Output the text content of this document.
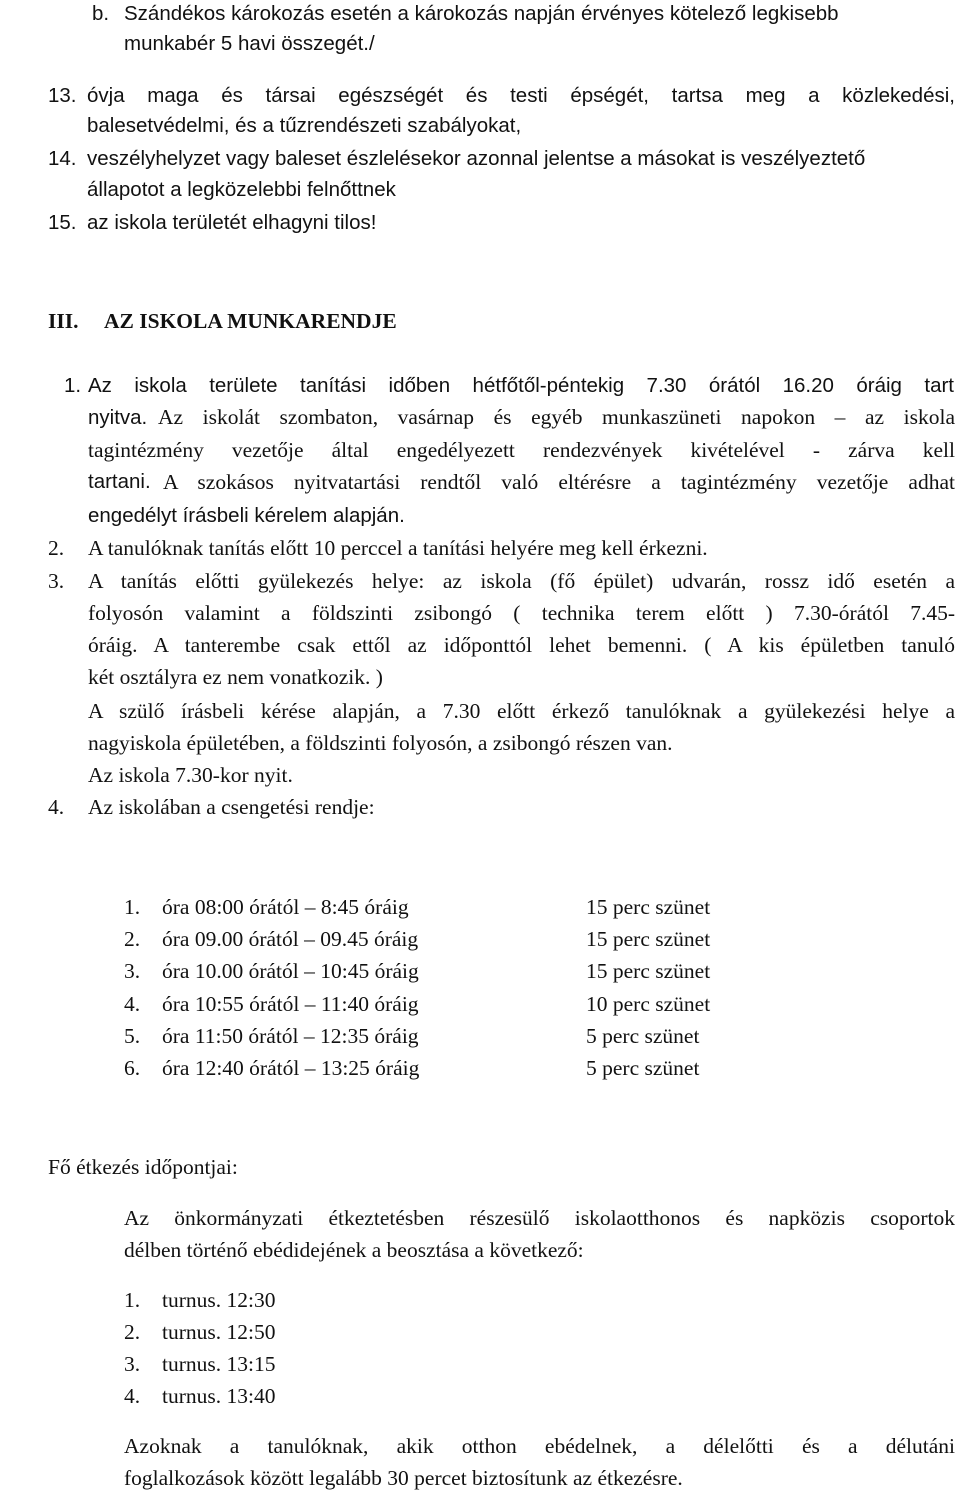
b. Szándékos károkozás esetén a károkozás napján érvényes kötelező legkisebb
munkabér 5 havi összegét./
13. óvja maga és társai egészségét és testi épségét, tartsa meg a közlekedési,
balesetvédelmi, és a tűzrendészeti szabályokat,
14. veszélyhelyzet vagy baleset észlelésekor azonnal jelentse a másokat is veszélyeztető
állapotot a legközelebbi felnőttnek
15. az iskola területét elhagyni tilos!
III. AZ ISKOLA MUNKARENDJE
1. Az iskola területe tanítási időben hétfőtől-péntekig 7.30 órától 16.20 óráig tart
nyitva. Az iskolát szombaton, vasárnap és egyéb munkaszüneti napokon – az iskola
tagintézmény vezetője által engedélyezett rendezvények kivételével - zárva kell
tartani. A szokásos nyitvatartási rendtől való eltérésre a tagintézmény vezetője adhat
engedélyt írásbeli kérelem alapján.
2. A tanulóknak tanítás előtt 10 perccel a tanítási helyére meg kell érkezni.
3. A tanítás előtti gyülekezés helye: az iskola (fő épület) udvarán, rossz idő esetén a
folyosón valamint a földszinti zsibongó ( technika terem előtt ) 7.30-órától 7.45-
óráig. A tanterembe csak ettől az időponttól lehet bemenni. ( A kis épületben tanuló
két osztályra ez nem vonatkozik. )
A szülő írásbeli kérése alapján, a 7.30 előtt érkező tanulóknak a gyülekezési helye a
nagyiskola épületében, a földszinti folyosón, a zsibongó részen van.
Az iskola 7.30-kor nyit.
4. Az iskolában a csengetési rendje:
1. óra 08:00 órától – 8:45 óráig	15 perc szünet
2. óra 09.00 órától – 09.45 óráig	15 perc szünet
3. óra 10.00 órától – 10:45 óráig	15 perc szünet
4. óra 10:55 órától – 11:40 óráig	10 perc szünet
5. óra 11:50 órától – 12:35 óráig	5 perc szünet
6. óra 12:40 órától – 13:25 óráig	5 perc szünet
Fő étkezés időpontjai:
Az önkormányzati étkeztetésben részesülő iskolaotthonos és napközis csoportok
délben történő ebédidejének a beosztása a következő:
1. turnus. 12:30
2. turnus. 12:50
3. turnus. 13:15
4. turnus. 13:40
Azoknak a tanulóknak, akik otthon ebédelnek, a délelőtti és a délutáni
foglalkozások között legalább 30 percet biztosítunk az étkezésre.
